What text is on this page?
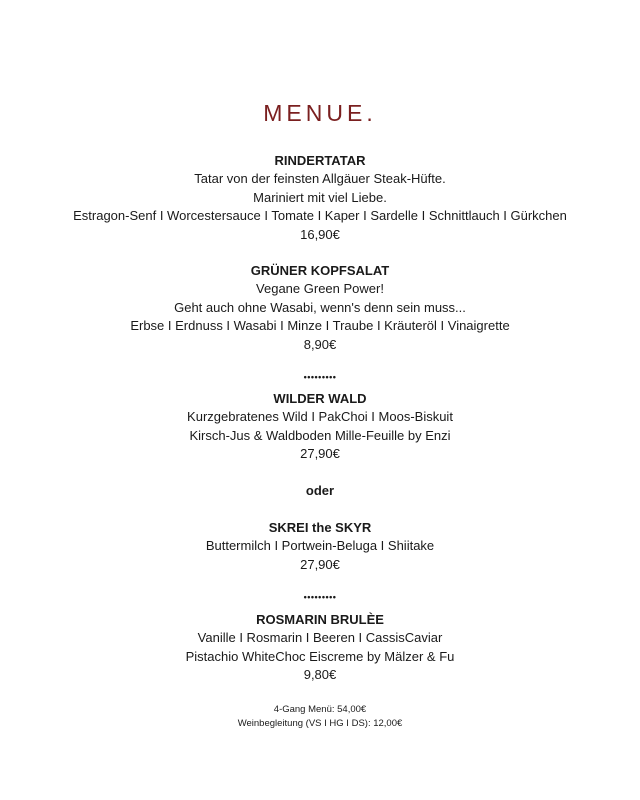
MENUE.
RINDERTATAR
Tatar von der feinsten Allgäuer Steak-Hüfte.
Mariniert mit viel Liebe.
Estragon-Senf I Worcestersauce I Tomate I Kaper I Sardelle I Schnittlauch I Gürkchen
16,90€
GRÜNER KOPFSALAT
Vegane Green Power!
Geht auch ohne Wasabi, wenn's denn sein muss...
Erbse I Erdnuss I Wasabi I Minze I Traube I Kräuteröl I Vinaigrette
8,90€
•••••••••
WILDER WALD
Kurzgebratenes Wild I PakChoi I Moos-Biskuit
Kirsch-Jus & Waldboden Mille-Feuille by Enzi
27,90€
oder
SKREI the SKYR
Buttermilch I Portwein-Beluga I Shiitake
27,90€
•••••••••
ROSMARIN BRULÈE
Vanille I Rosmarin I Beeren I CassisCaviar
Pistachio WhiteChoc Eiscreme by Mälzer & Fu
9,80€
4-Gang Menü: 54,00€
Weinbegleitung (VS I HG I DS): 12,00€
